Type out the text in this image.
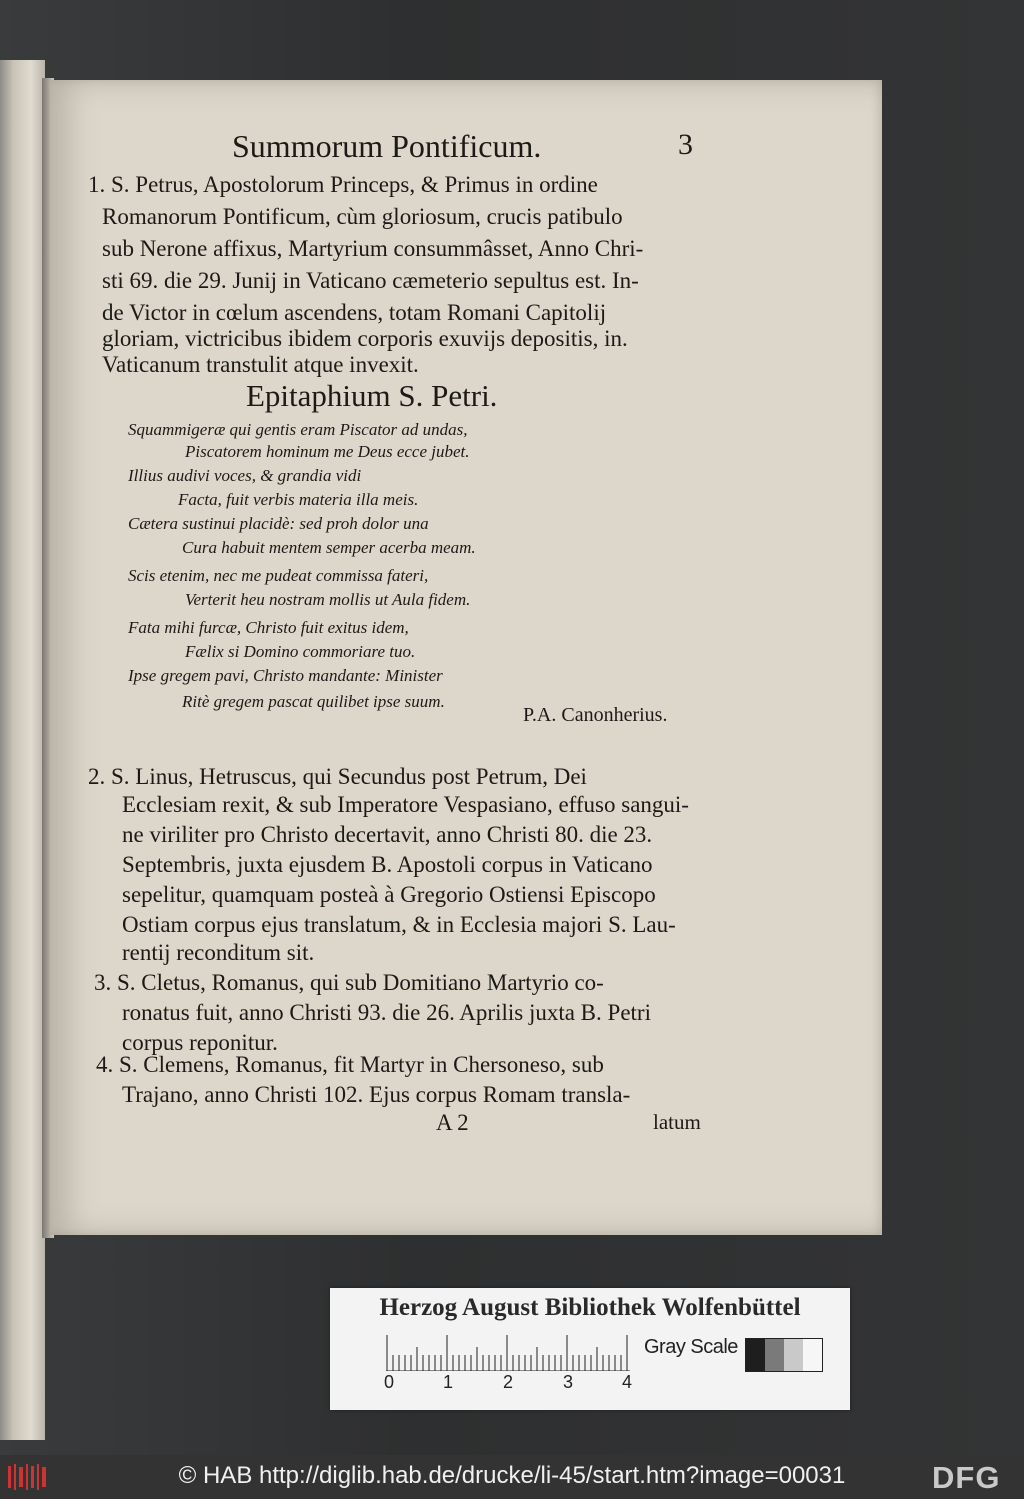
Summorum Pontificum.	3
1. S. Petrus, Apostolorum Princeps, & Primus in ordine
Romanorum Pontificum, cùm gloriosum, crucis patibulo
sub Nerone affixus, Martyrium consummâsset, Anno Chri-
sti 69. die 29. Junij in Vaticano cæmeterio sepultus est. In-
de Victor in cœlum ascendens, totam Romani Capitolij
gloriam, victricibus ibidem corporis exuvijs depositis, in.
Vaticanum transtulit atque invexit.
Epitaphium S. Petri.
Squammigeræ qui gentis eram Piscator ad undas,
Piscatorem hominum me Deus ecce jubet.
Illius audivi voces, & grandia vidi
Facta, fuit verbis materia illa meis.
Cætera sustinui placidè: sed proh dolor una
Cura habuit mentem semper acerba meam.
Scis etenim, nec me pudeat commissa fateri,
Verterit heu nostram mollis ut Aula fidem.
Fata mihi furcæ, Christo fuit exitus idem,
Fælix si Domino commoriare tuo.
Ipse gregem pavi, Christo mandante: Minister
Ritè gregem pascat quilibet ipse suum.
P.A. Canonherius.
2. S. Linus, Hetruscus, qui Secundus post Petrum, Dei
Ecclesiam rexit, & sub Imperatore Vespasiano, effuso sangui-
ne viriliter pro Christo decertavit, anno Christi 80. die 23.
Septembris, juxta ejusdem B. Apostoli corpus in Vaticano
sepelitur, quamquam posteà à Gregorio Ostiensi Episcopo
Ostiam corpus ejus translatum, & in Ecclesia majori S. Lau-
rentij reconditum sit.
3. S. Cletus, Romanus, qui sub Domitiano Martyrio co-
ronatus fuit, anno Christi 93. die 26. Aprilis juxta B. Petri
corpus reponitur.
4. S. Clemens, Romanus, fit Martyr in Chersoneso, sub
Trajano, anno Christi 102. Ejus corpus Romam transla-
A 2	latum
Herzog August Bibliothek Wolfenbüttel
0	1	2	3	4
Gray Scale
© HAB http://diglib.hab.de/drucke/li-45/start.htm?image=00031	DFG
